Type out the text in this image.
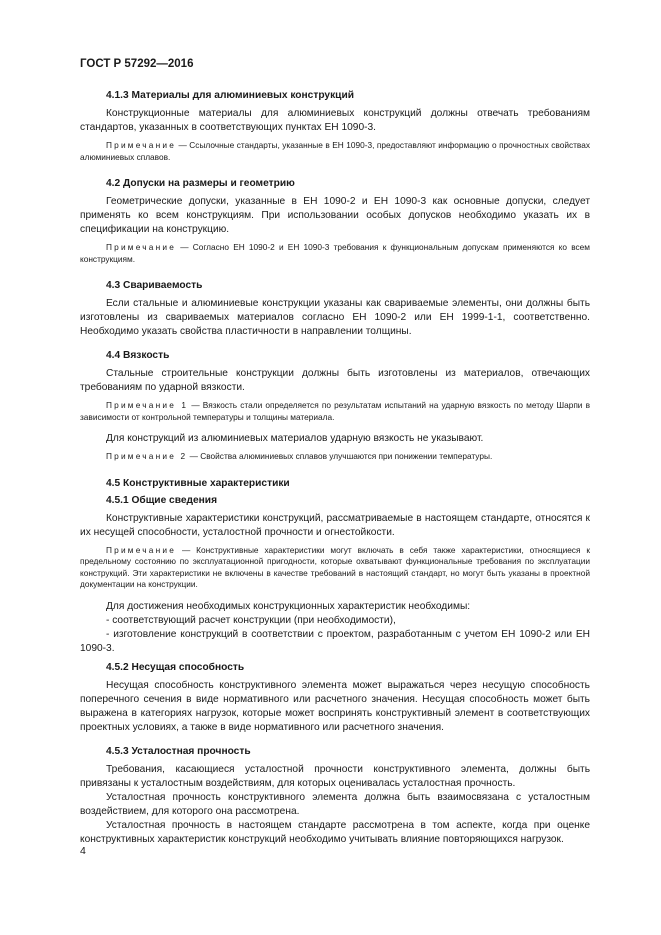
ГОСТ Р 57292—2016
4.1.3 Материалы для алюминиевых конструкций
Конструкционные материалы для алюминиевых конструкций должны отвечать требованиям стандартов, указанных в соответствующих пунктах ЕН 1090-3.
Примечание — Ссылочные стандарты, указанные в ЕН 1090-3, предоставляют информацию о прочностных свойствах алюминиевых сплавов.
4.2 Допуски на размеры и геометрию
Геометрические допуски, указанные в ЕН 1090-2 и ЕН 1090-3 как основные допуски, следует применять ко всем конструкциям. При использовании особых допусков необходимо указать их в спецификации на конструкцию.
Примечание — Согласно ЕН 1090-2 и ЕН 1090-3 требования к функциональным допускам применяются ко всем конструкциям.
4.3 Свариваемость
Если стальные и алюминиевые конструкции указаны как свариваемые элементы, они должны быть изготовлены из свариваемых материалов согласно ЕН 1090-2 или ЕН 1999-1-1, соответственно. Необходимо указать свойства пластичности в направлении толщины.
4.4 Вязкость
Стальные строительные конструкции должны быть изготовлены из материалов, отвечающих требованиям по ударной вязкости.
Примечание 1 — Вязкость стали определяется по результатам испытаний на ударную вязкость по методу Шарпи в зависимости от контрольной температуры и толщины материала.
Для конструкций из алюминиевых материалов ударную вязкость не указывают.
Примечание 2 — Свойства алюминиевых сплавов улучшаются при понижении температуры.
4.5 Конструктивные характеристики
4.5.1 Общие сведения
Конструктивные характеристики конструкций, рассматриваемые в настоящем стандарте, относятся к их несущей способности, усталостной прочности и огнестойкости.
Примечание — Конструктивные характеристики могут включать в себя также характеристики, относящиеся к предельному состоянию по эксплуатационной пригодности, которые охватывают функциональные требования по эксплуатации конструкций. Эти характеристики не включены в качестве требований в настоящий стандарт, но могут быть указаны в проектной документации на конструкции.
Для достижения необходимых конструкционных характеристик необходимы:
- соответствующий расчет конструкции (при необходимости),
- изготовление конструкций в соответствии с проектом, разработанным с учетом ЕН 1090-2 или ЕН 1090-3.
4.5.2 Несущая способность
Несущая способность конструктивного элемента может выражаться через несущую способность поперечного сечения в виде нормативного или расчетного значения. Несущая способность может быть выражена в категориях нагрузок, которые может воспринять конструктивный элемент в соответствующих проектных условиях, а также в виде нормативного или расчетного значения.
4.5.3 Усталостная прочность
Требования, касающиеся усталостной прочности конструктивного элемента, должны быть привязаны к усталостным воздействиям, для которых оценивалась усталостная прочность.
Усталостная прочность конструктивного элемента должна быть взаимосвязана с усталостным воздействием, для которого она рассмотрена.
Усталостная прочность в настоящем стандарте рассмотрена в том аспекте, когда при оценке конструктивных характеристик конструкций необходимо учитывать влияние повторяющихся нагрузок.
4
